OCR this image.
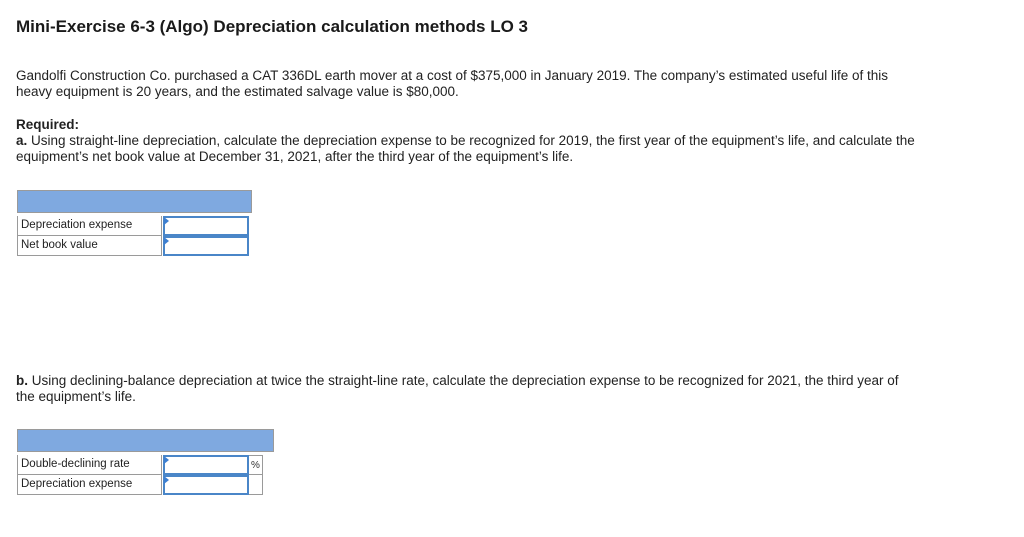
Mini-Exercise 6-3 (Algo) Depreciation calculation methods LO 3

Gandolfi Construction Co. purchased a CAT 336DL earth mover at a cost of $375,000 in January 2019. The company’s estimated useful life of this heavy equipment is 20 years, and the estimated salvage value is $80,000.

Required:

a. Using straight-line depreciation, calculate the depreciation expense to be recognized for 2019, the first year of the equipment’s life, and calculate the equipment’s net book value at December 31, 2021, after the third year of the equipment’s life.

Depreciation expense
Net book value

b. Using declining-balance depreciation at twice the straight-line rate, calculate the depreciation expense to be recognized for 2021, the third year of the equipment’s life.

Double-declining rate	%
Depreciation expense
